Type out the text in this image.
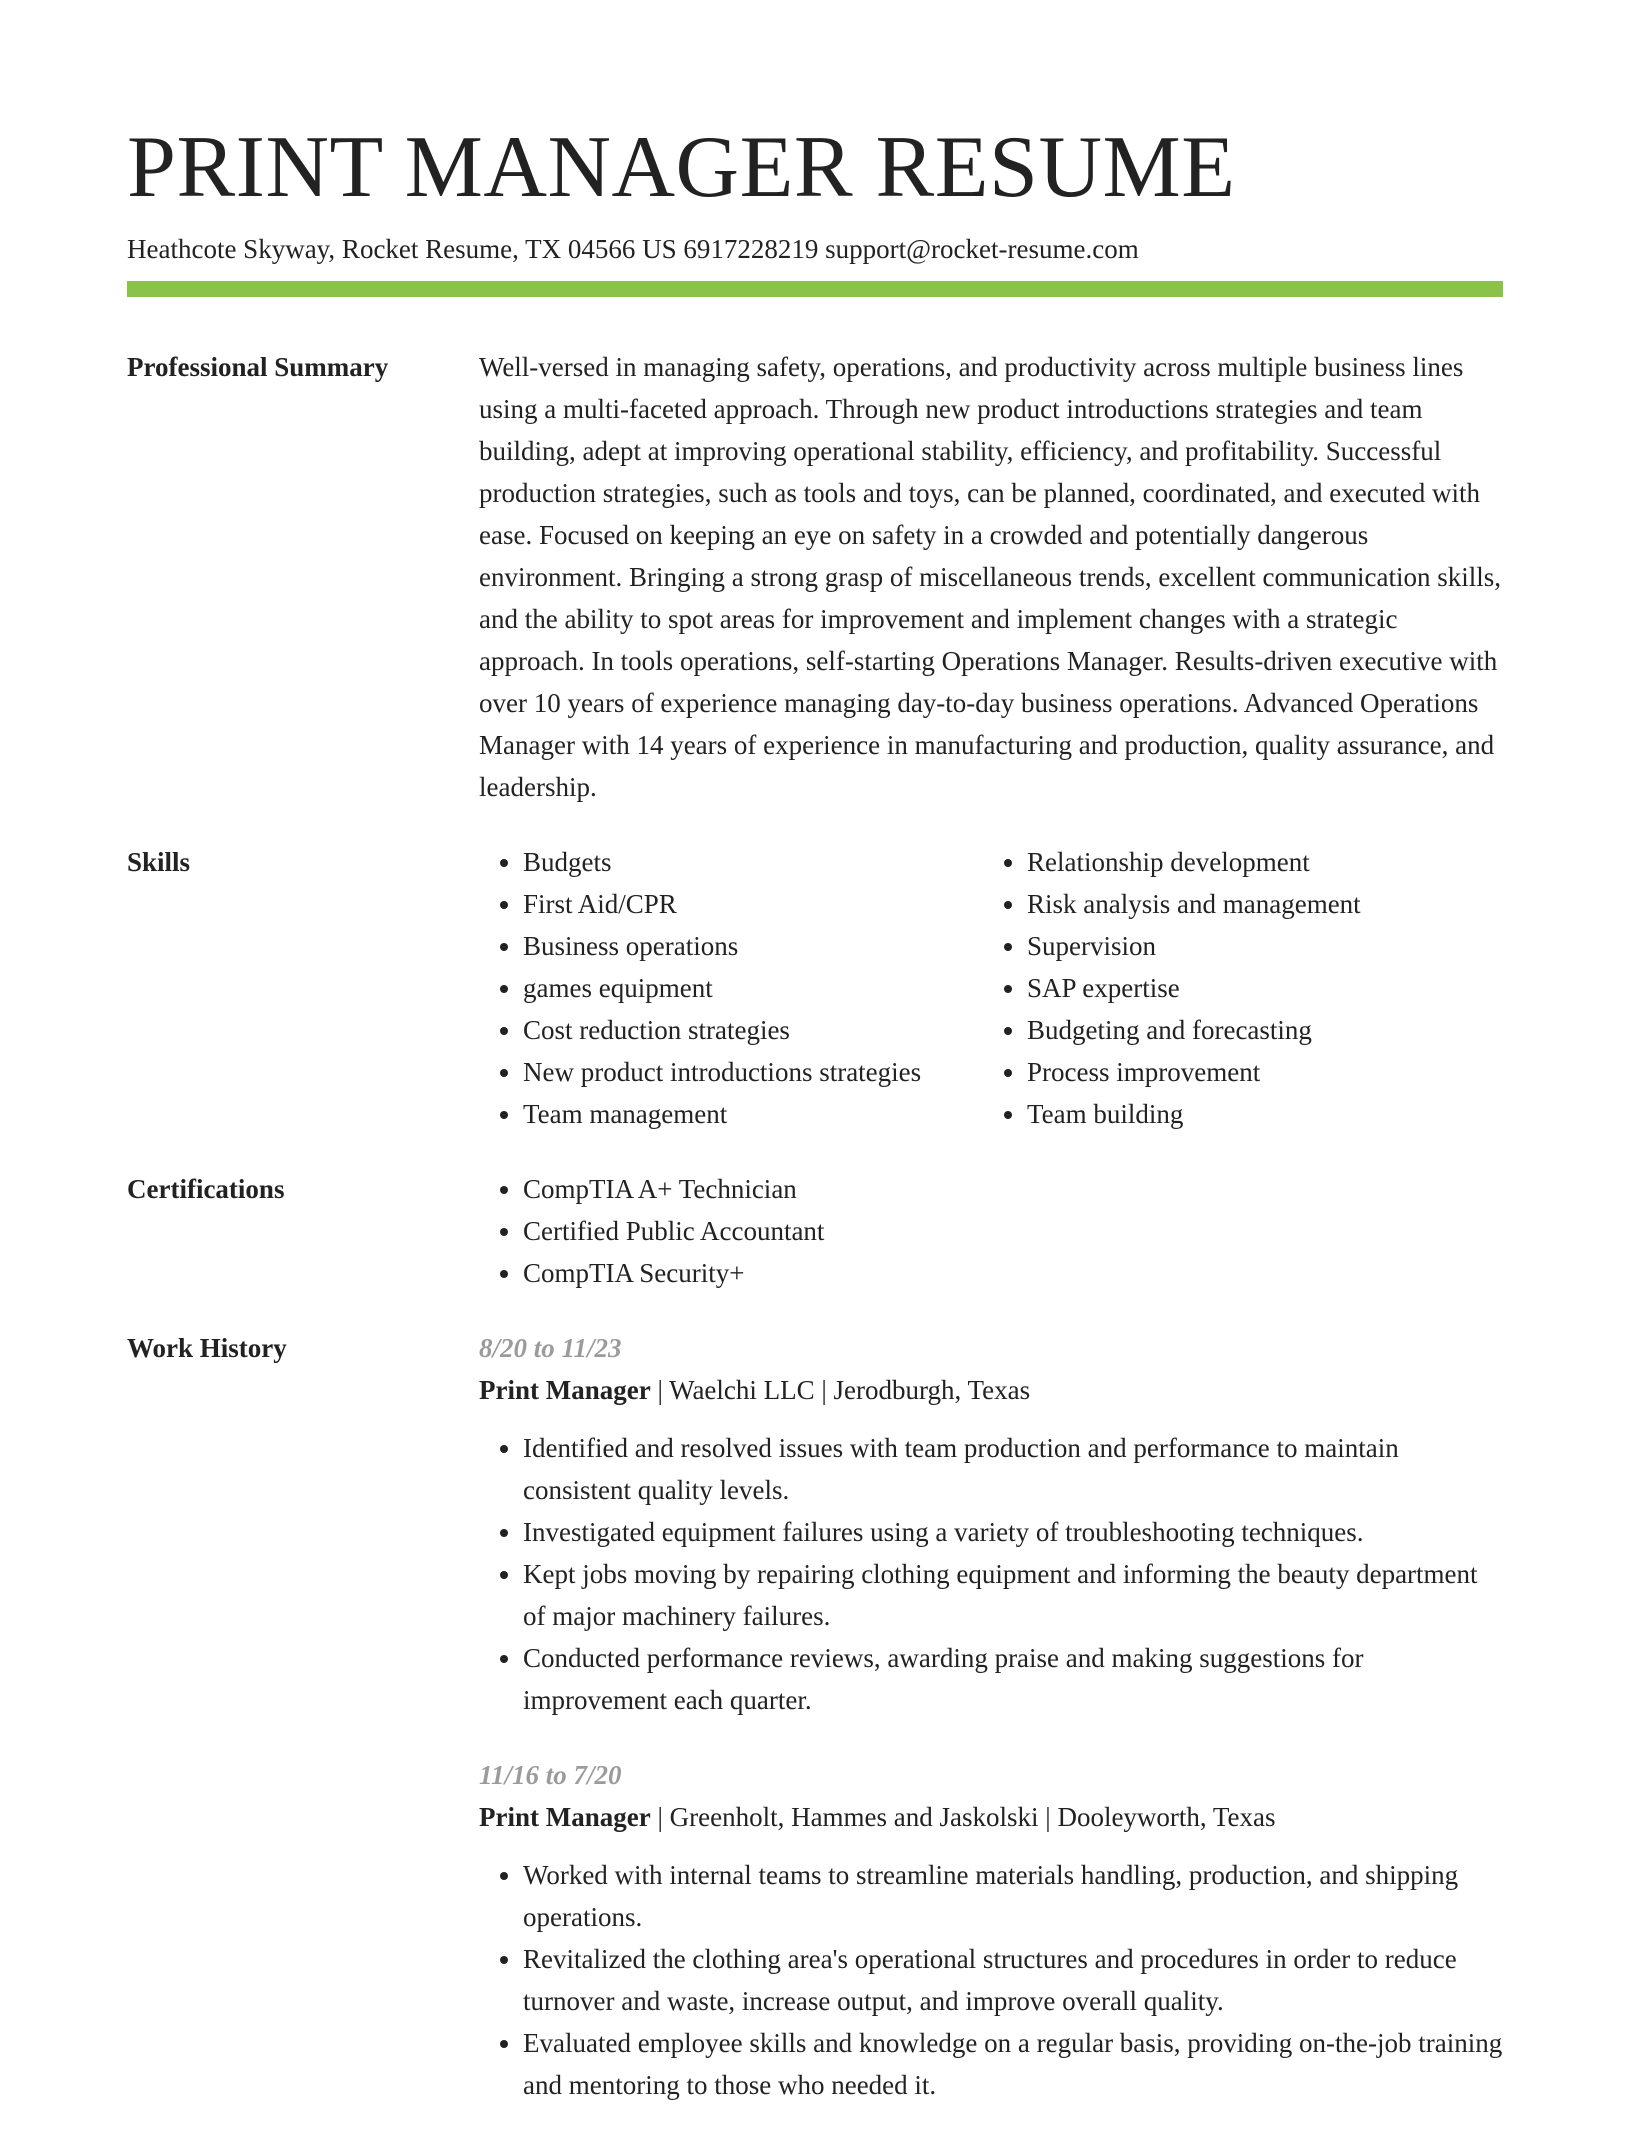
PRINT MANAGER RESUME
Heathcote Skyway, Rocket Resume, TX 04566 US 6917228219 support@rocket-resume.com
Professional Summary	Well-versed in managing safety, operations, and productivity across multiple business lines using a multi-faceted approach. Through new product introductions strategies and team building, adept at improving operational stability, efficiency, and profitability. Successful production strategies, such as tools and toys, can be planned, coordinated, and executed with ease. Focused on keeping an eye on safety in a crowded and potentially dangerous environment. Bringing a strong grasp of miscellaneous trends, excellent communication skills, and the ability to spot areas for improvement and implement changes with a strategic approach. In tools operations, self-starting Operations Manager. Results-driven executive with over 10 years of experience managing day-to-day business operations. Advanced Operations Manager with 14 years of experience in manufacturing and production, quality assurance, and leadership.

Skills	• Budgets
• First Aid/CPR
• Business operations
• games equipment
• Cost reduction strategies
• New product introductions strategies
• Team management
• Relationship development
• Risk analysis and management
• Supervision
• SAP expertise
• Budgeting and forecasting
• Process improvement
• Team building
Certifications	• CompTIA A+ Technician
• Certified Public Accountant
• CompTIA Security+
Work History	8/20 to 11/23
Print Manager | Waelchi LLC | Jerodburgh, Texas
• Identified and resolved issues with team production and performance to maintain consistent quality levels.
• Investigated equipment failures using a variety of troubleshooting techniques.
• Kept jobs moving by repairing clothing equipment and informing the beauty department of major machinery failures.
• Conducted performance reviews, awarding praise and making suggestions for improvement each quarter.
11/16 to 7/20
Print Manager | Greenholt, Hammes and Jaskolski | Dooleyworth, Texas
• Worked with internal teams to streamline materials handling, production, and shipping operations.
• Revitalized the clothing area's operational structures and procedures in order to reduce turnover and waste, increase output, and improve overall quality.
• Evaluated employee skills and knowledge on a regular basis, providing on-the-job training and mentoring to those who needed it.
